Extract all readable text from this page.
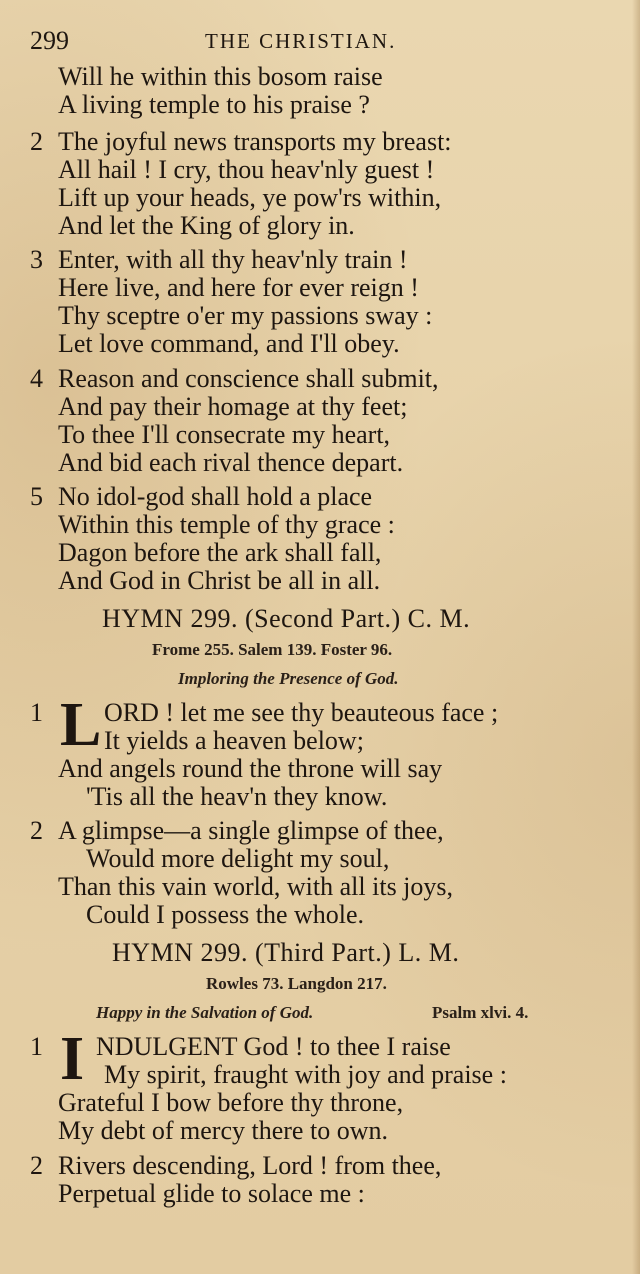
299	THE CHRISTIAN.
Will he within this bosom raise
A living temple to his praise ?
2 The joyful news transports my breast:
All hail ! I cry, thou heav'nly guest !
Lift up your heads, ye pow'rs within,
And let the King of glory in.
3 Enter, with all thy heav'nly train !
Here live, and here for ever reign !
Thy sceptre o'er my passions sway :
Let love command, and I'll obey.
4 Reason and conscience shall submit,
And pay their homage at thy feet;
To thee I'll consecrate my heart,
And bid each rival thence depart.
5 No idol-god shall hold a place
Within this temple of thy grace :
Dagon before the ark shall fall,
And God in Christ be all in all.
HYMN 299. (Second Part.) C. M.
Frome 255. Salem 139. Foster 96.
Imploring the Presence of God.
1 L ORD ! let me see thy beauteous face ;
It yields a heaven below;
And angels round the throne will say
'Tis all the heav'n they know.
2 A glimpse—a single glimpse of thee,
Would more delight my soul,
Than this vain world, with all its joys,
Could I possess the whole.
HYMN 299. (Third Part.) L. M.
Rowles 73. Langdon 217.
Happy in the Salvation of God.	Psalm xlvi. 4.
1 I NDULGENT God ! to thee I raise
My spirit, fraught with joy and praise :
Grateful I bow before thy throne,
My debt of mercy there to own.
2 Rivers descending, Lord ! from thee,
Perpetual glide to solace me :
